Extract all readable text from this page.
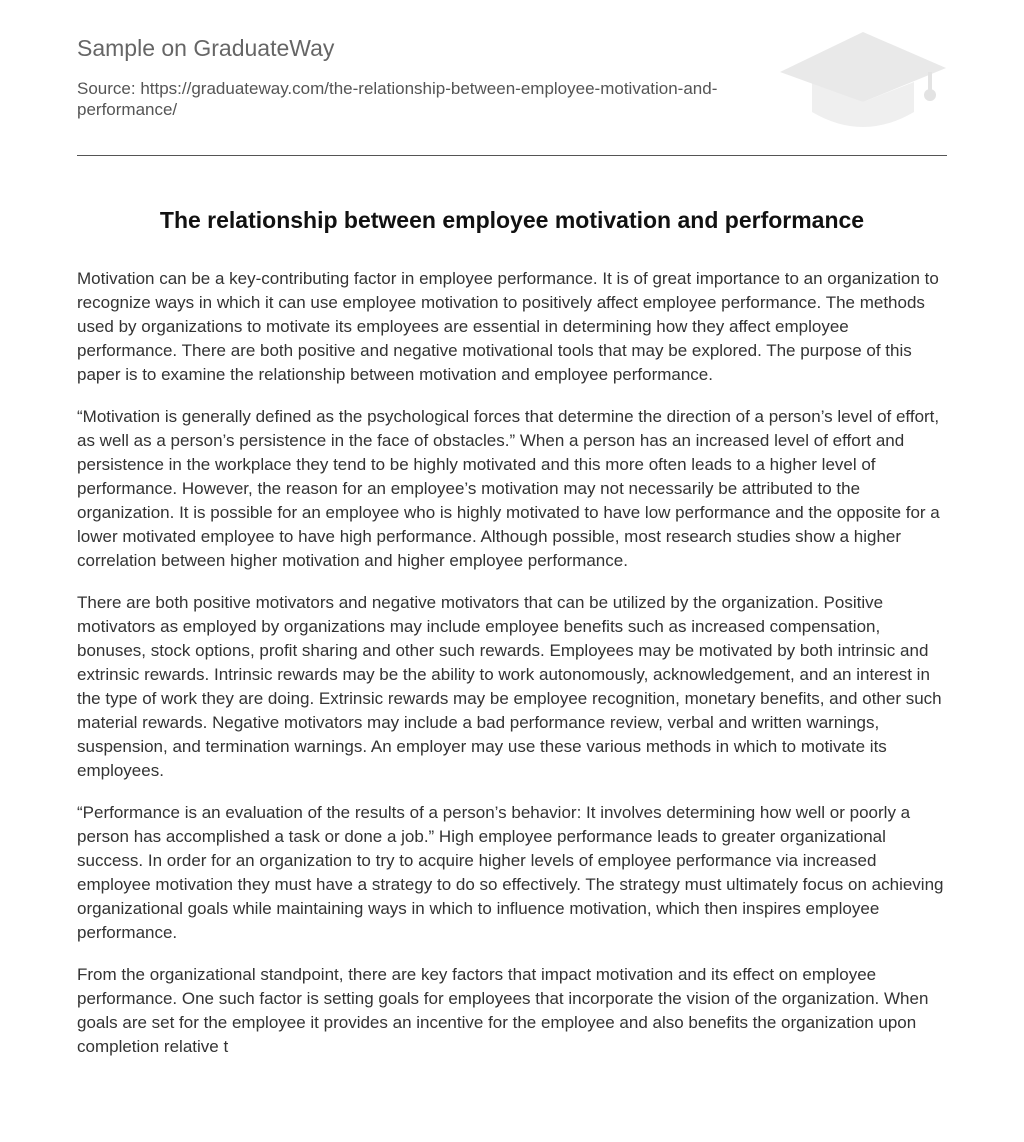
Sample on GraduateWay
Source: https://graduateway.com/the-relationship-between-employee-motivation-and-performance/
The relationship between employee motivation and performance

Motivation can be a key-contributing factor in employee performance. It is of great importance to an organization to recognize ways in which it can use employee motivation to positively affect employee performance. The methods used by organizations to motivate its employees are essential in determining how they affect employee performance. There are both positive and negative motivational tools that may be explored. The purpose of this paper is to examine the relationship between motivation and employee performance.

“Motivation is generally defined as the psychological forces that determine the direction of a person’s level of effort, as well as a person’s persistence in the face of obstacles.” When a person has an increased level of effort and persistence in the workplace they tend to be highly motivated and this more often leads to a higher level of performance. However, the reason for an employee’s motivation may not necessarily be attributed to the organization. It is possible for an employee who is highly motivated to have low performance and the opposite for a lower motivated employee to have high performance. Although possible, most research studies show a higher correlation between higher motivation and higher employee performance.

There are both positive motivators and negative motivators that can be utilized by the organization. Positive motivators as employed by organizations may include employee benefits such as increased compensation, bonuses, stock options, profit sharing and other such rewards. Employees may be motivated by both intrinsic and extrinsic rewards. Intrinsic rewards may be the ability to work autonomously, acknowledgement, and an interest in the type of work they are doing. Extrinsic rewards may be employee recognition, monetary benefits, and other such material rewards. Negative motivators may include a bad performance review, verbal and written warnings, suspension, and termination warnings. An employer may use these various methods in which to motivate its employees.

“Performance is an evaluation of the results of a person’s behavior: It involves determining how well or poorly a person has accomplished a task or done a job.” High employee performance leads to greater organizational success. In order for an organization to try to acquire higher levels of employee performance via increased employee motivation they must have a strategy to do so effectively. The strategy must ultimately focus on achieving organizational goals while maintaining ways in which to influence motivation, which then inspires employee performance.

From the organizational standpoint, there are key factors that impact motivation and its effect on employee performance. One such factor is setting goals for employees that incorporate the vision of the organization. When goals are set for the employee it provides an incentive for the employee and also benefits the organization upon completion relative t
